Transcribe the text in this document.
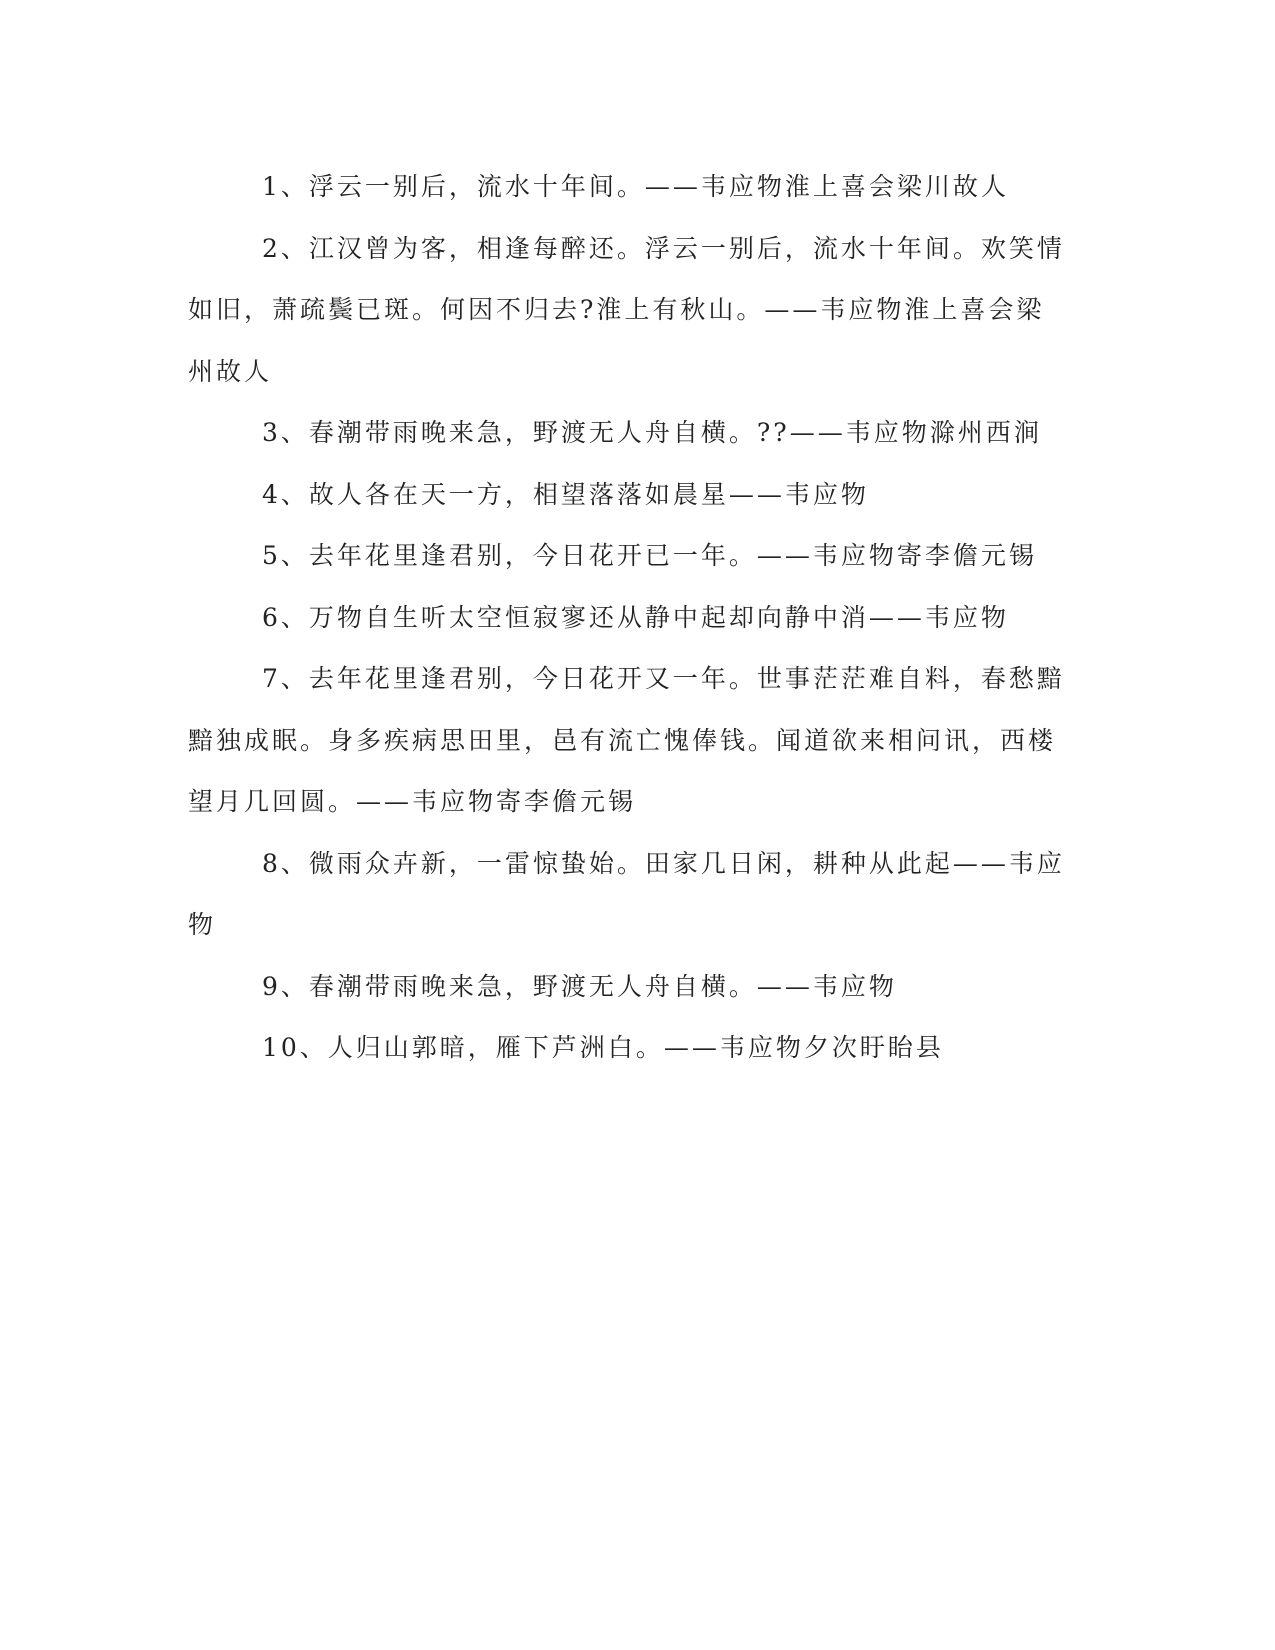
1、浮云一别后，流水十年间。——韦应物淮上喜会梁川故人

2、江汉曾为客，相逢每醉还。浮云一别后，流水十年间。欢笑情如旧，萧疏鬓已斑。何因不归去?淮上有秋山。——韦应物淮上喜会梁州故人

3、春潮带雨晚来急，野渡无人舟自横。??——韦应物滁州西涧

4、故人各在天一方，相望落落如晨星——韦应物

5、去年花里逢君别，今日花开已一年。——韦应物寄李儋元锡

6、万物自生听太空恒寂寥还从静中起却向静中消——韦应物

7、去年花里逢君别，今日花开又一年。世事茫茫难自料，春愁黯黯独成眠。身多疾病思田里，邑有流亡愧俸钱。闻道欲来相问讯，西楼望月几回圆。——韦应物寄李儋元锡

8、微雨众卉新，一雷惊蛰始。田家几日闲，耕种从此起——韦应物

9、春潮带雨晚来急，野渡无人舟自横。——韦应物

10、人归山郭暗，雁下芦洲白。——韦应物夕次盱眙县
